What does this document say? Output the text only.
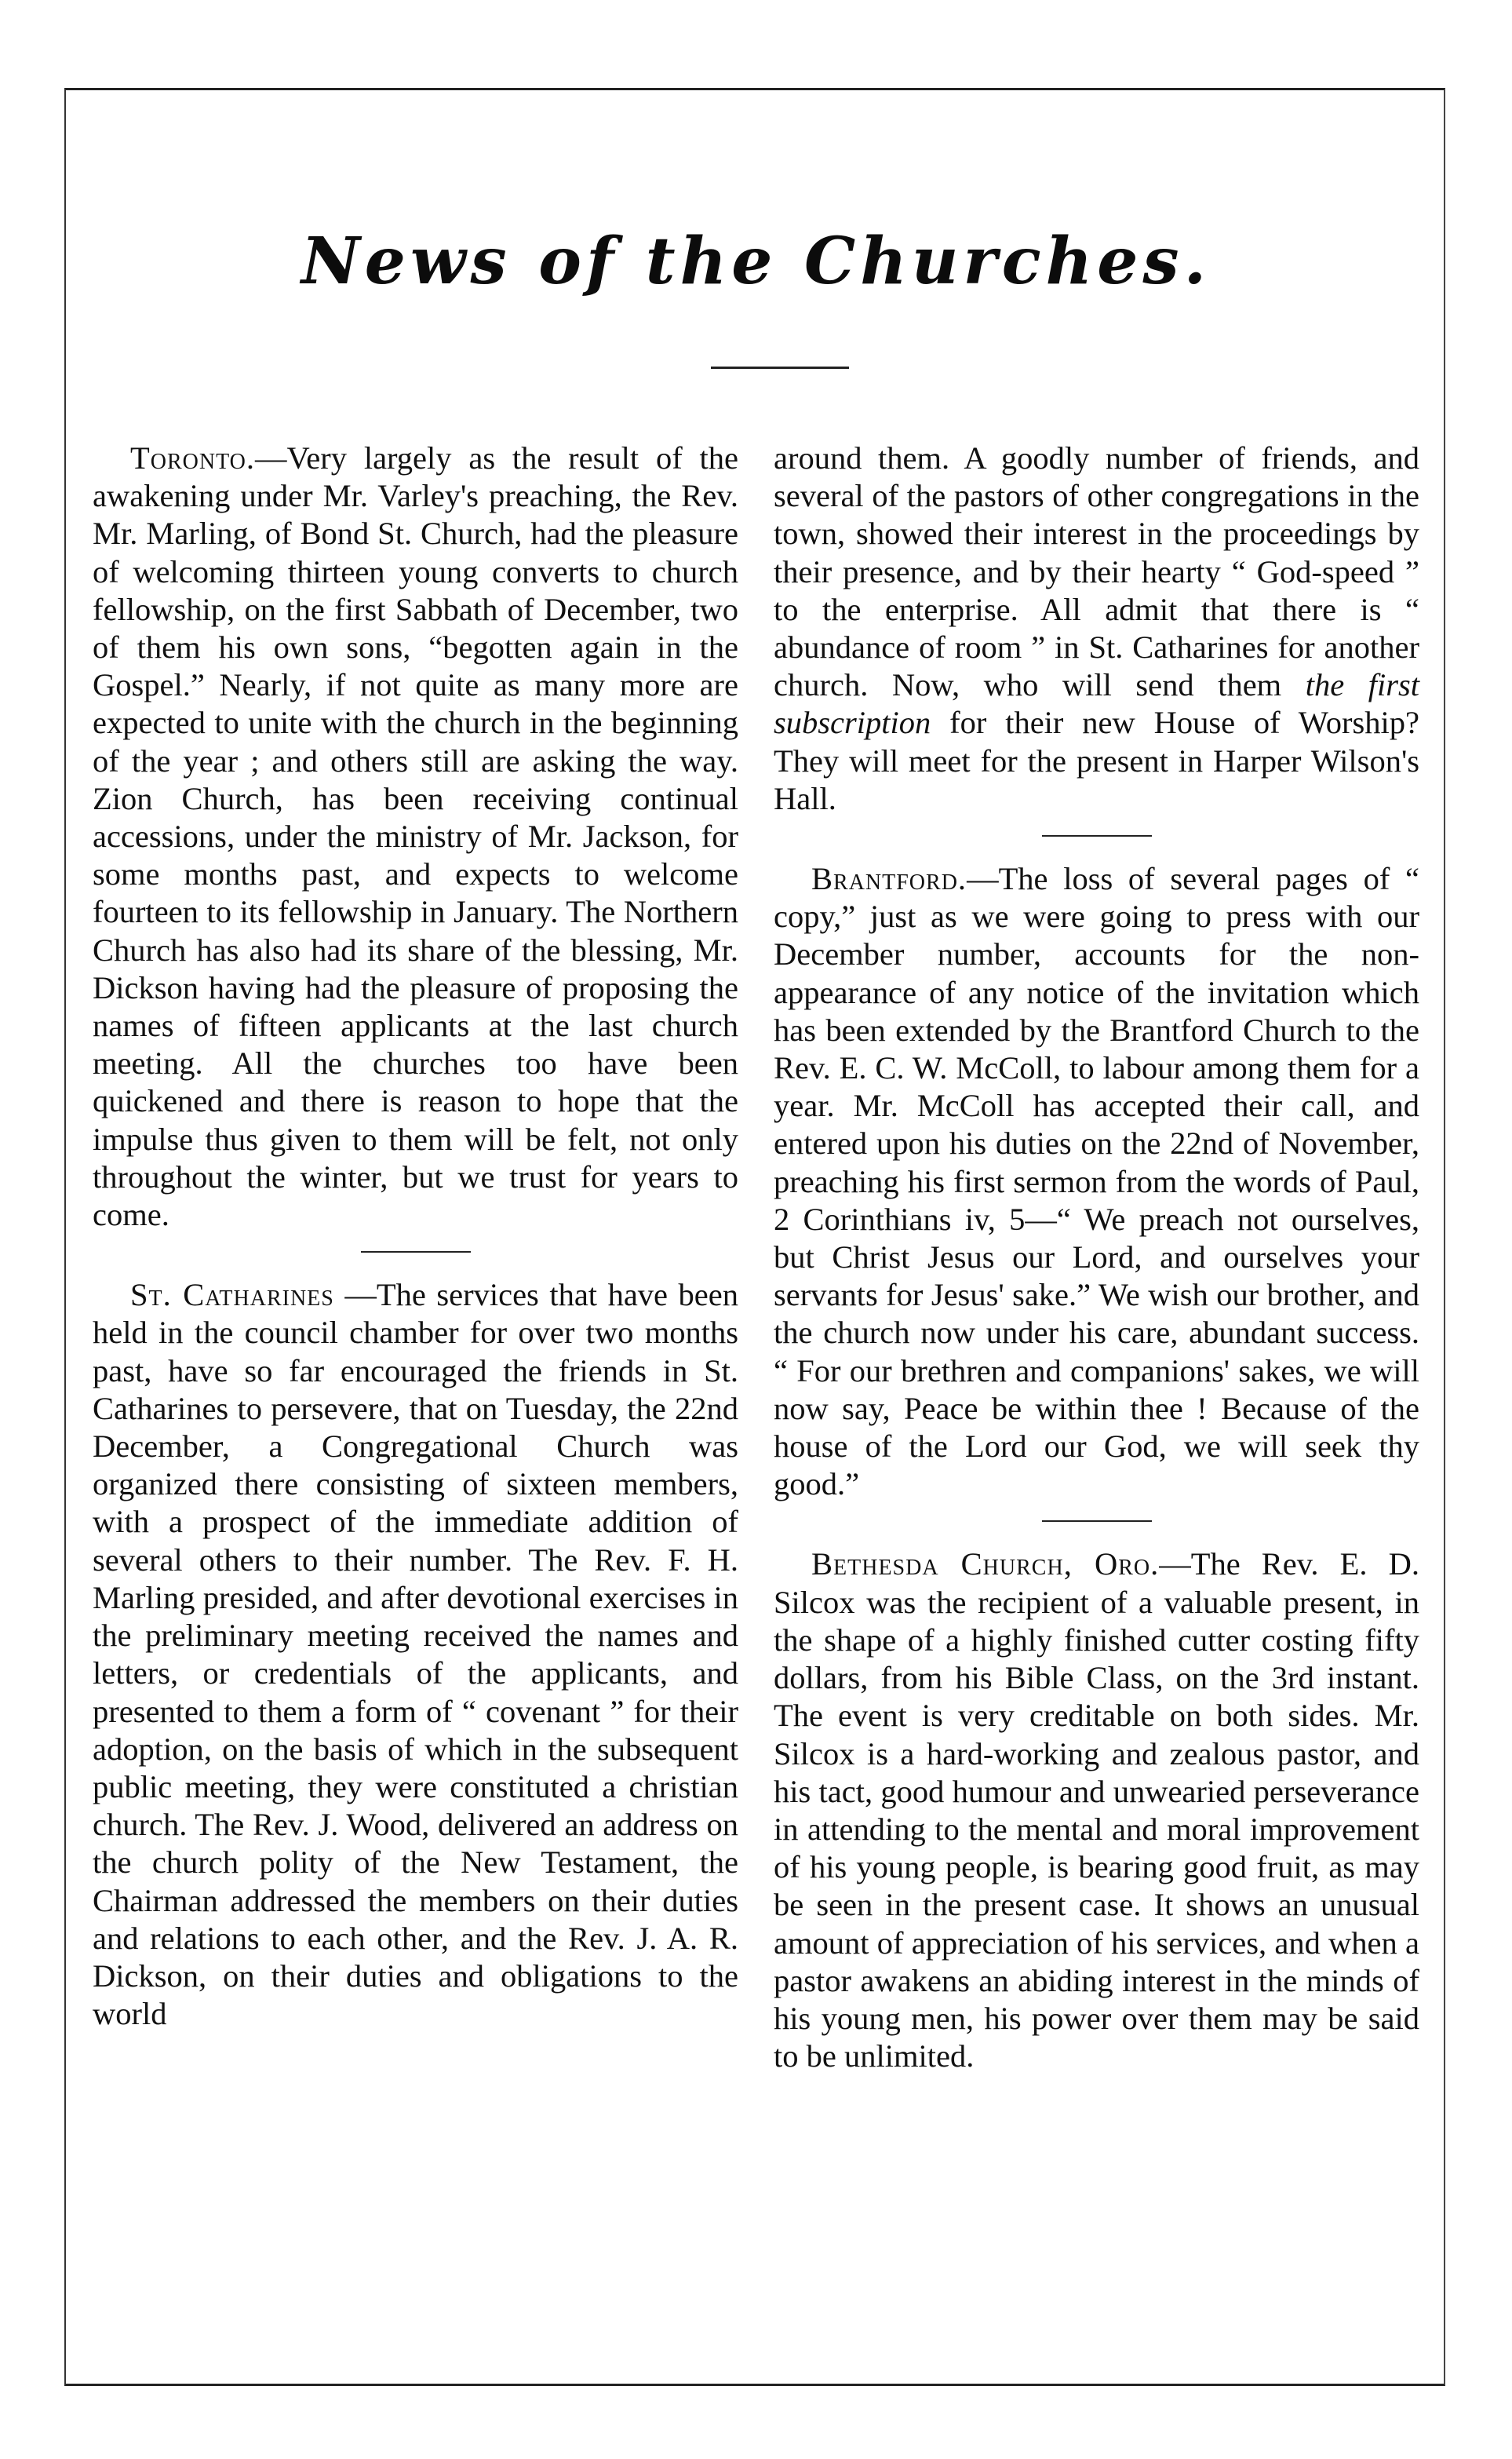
News of the Churches.

Toronto.—Very largely as the result of the awakening under Mr. Varley's preaching, the Rev. Mr. Marling, of Bond St. Church, had the pleasure of welcoming thirteen young converts to church fellowship, on the first Sabbath of December, two of them his own sons, “begotten again in the Gospel.” Nearly, if not quite as many more are expected to unite with the church in the beginning of the year ; and others still are asking the way. Zion Church, has been receiving continual accessions, under the ministry of Mr. Jackson, for some months past, and expects to welcome fourteen to its fellowship in January. The Northern Church has also had its share of the blessing, Mr. Dickson having had the pleasure of proposing the names of fifteen applicants at the last church meeting. All the churches too have been quickened and there is reason to hope that the impulse thus given to them will be felt, not only throughout the winter, but we trust for years to come.

St. Catharines —The services that have been held in the council chamber for over two months past, have so far encouraged the friends in St. Catharines to persevere, that on Tuesday, the 22nd December, a Congregational Church was organized there consisting of sixteen members, with a prospect of the immediate addition of several others to their number. The Rev. F. H. Marling presided, and after devotional exercises in the preliminary meeting received the names and letters, or credentials of the applicants, and presented to them a form of “ covenant ” for their adoption, on the basis of which in the subsequent public meeting, they were constituted a christian church. The Rev. J. Wood, delivered an address on the church polity of the New Testament, the Chairman addressed the members on their duties and relations to each other, and the Rev. J. A. R. Dickson, on their duties and obligations to the world

around them. A goodly number of friends, and several of the pastors of other congregations in the town, showed their interest in the proceedings by their presence, and by their hearty “ God-speed ” to the enterprise. All admit that there is “ abundance of room ” in St. Catharines for another church. Now, who will send them the first subscription for their new House of Worship? They will meet for the present in Harper Wilson's Hall.

Brantford.—The loss of several pages of “ copy,” just as we were going to press with our December number, accounts for the non-appearance of any notice of the invitation which has been extended by the Brantford Church to the Rev. E. C. W. McColl, to labour among them for a year. Mr. McColl has accepted their call, and entered upon his duties on the 22nd of November, preaching his first sermon from the words of Paul, 2 Corinthians iv, 5—“ We preach not ourselves, but Christ Jesus our Lord, and ourselves your servants for Jesus' sake.” We wish our brother, and the church now under his care, abundant success. “ For our brethren and companions' sakes, we will now say, Peace be within thee ! Because of the house of the Lord our God, we will seek thy good.”

Bethesda Church, Oro.—The Rev. E. D. Silcox was the recipient of a valuable present, in the shape of a highly finished cutter costing fifty dollars, from his Bible Class, on the 3rd instant. The event is very creditable on both sides. Mr. Silcox is a hard-working and zealous pastor, and his tact, good humour and unwearied perseverance in attending to the mental and moral improvement of his young people, is bearing good fruit, as may be seen in the present case. It shows an unusual amount of appreciation of his services, and when a pastor awakens an abiding interest in the minds of his young men, his power over them may be said to be unlimited.
